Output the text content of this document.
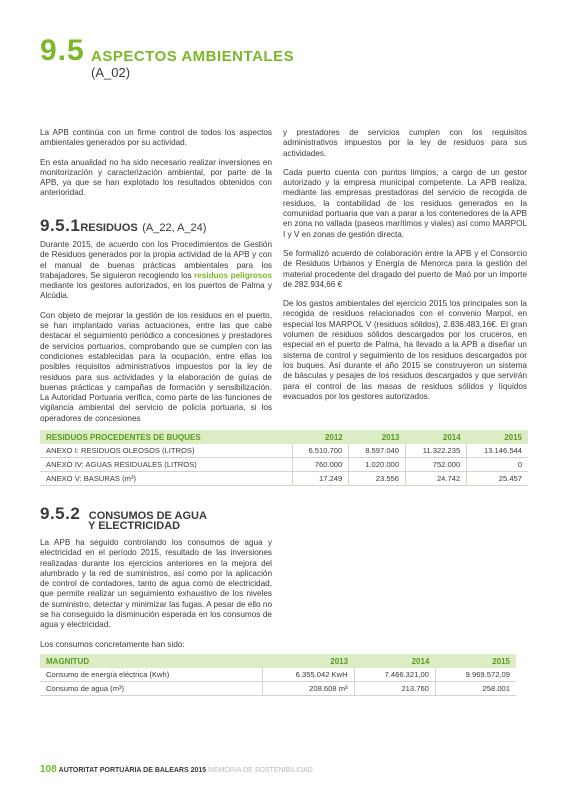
9.5 ASPECTOS AMBIENTALES
(A_02)

La APB continúa con un firme control de todos los aspectos ambientales generados por su actividad.

En esta anualidad no ha sido necesario realizar inversiones en monitorización y caracterización ambiental, por parte de la APB, ya que se han explotado los resultados obtenidos con anterioridad.

9.5.1RESIDUOS (A_22, A_24)

Durante 2015, de acuerdo con los Procedimientos de Gestión de Residuos generados por la propia actividad de la APB y con el manual de buenas prácticas ambientales para los trabajadores, Se siguieron recogiendo los residuos peligrosos mediante los gestores autorizados, en los puertos de Palma y Alcúdia.

Con objeto de mejorar la gestión de los residuos en el puerto, se han implantado varias actuaciones, entre las que cabe destacar el seguimiento periódico a concesiones y prestadores de servicios portuarios, comprobando que se cumplen con las condiciones establecidas para la ocupación, entre ellas los posibles requisitos administrativos impuestos por la ley de residuos para sus actividades y la elaboración de guías de buenas prácticas y campañas de formación y sensibilización. La Autoridad Portuaria verifica, como parte de las funciones de vigilancia ambiental del servicio de policía portuaria, si los operadores de concesiones

y prestadores de servicios cumplen con los requisitos administrativos impuestos por la ley de residuos para sus actividades.

Cada puerto cuenta con puntos limpios, a cargo de un gestor autorizado y la empresa municipal competente. La APB realiza, mediante las empresas prestadoras del servicio de recogida de residuos, la contabilidad de los residuos generados en la comunidad portuaria que van a parar a los contenedores de la APB en zona no vallada (paseos marítimos y viales) así como MARPOL I y V en zonas de gestión directa.

Se formalizó acuerdo de colaboración entre la APB y el Consorcio de Residuos Urbanos y Energía de Menorca para la gestión del material procedente del dragado del puerto de Maó por un importe de 282.934,66 €

De los gastos ambientales del ejercicio 2015 los principales son la recogida de residuos relacionados con el convenio Marpol, en especial los MARPOL V (residuos sólidos), 2.836.483,16€. El gran volumen de residuos sólidos descargados por los cruceros, en especial en el puerto de Palma, ha llevado a la APB a diseñar un sistema de control y seguimiento de los residuos descargados por los buques. Así durante el año 2015 se construyeron un sistema de básculas y pesajes de los residuos descargados y que servirán para el control de las masas de residuos sólidos y líquidos evacuados por los gestores autorizados.

RESIDUOS PROCEDENTES DE BUQUES	2012	2013	2014	2015
ANEXO I: RESIDUOS OLEOSOS (LITROS)	6.510.700	8.597.040	11.322.235	13.146.544
ANEXO IV: AGUAS RESIDUALES (LITROS)	760.000	1.020.000	752.000	0
ANEXO V: BASURAS (m³)	17.249	23.556	24.742	25.457
9.5.2 CONSUMOS DE AGUA
Y ELECTRICIDAD

La APB ha seguido controlando los consumos de agua y electricidad en el período 2015, resultado de las inversiones realizadas durante los ejercicios anteriores en la mejora del alumbrado y la red de suministros, así como por la aplicación de control de contadores, tanto de agua como de electricidad, que permite realizar un seguimiento exhaustivo de los niveles de suministro, detectar y minimizar las fugas. A pesar de ello no se ha conseguido la disminución esperada en los consumos de agua y electricidad.

Los consumos concretamente han sido:

MAGNITUD	2013	2014	2015
Consumo de energía eléctrica (Kwh)	6.355.042 KwH	7.466.321,00	9.969.572,09
Consumo de agua (m³)	208.608 m³	213.760	258.001
108 AUTORITAT PORTUÀRIA DE BALEARS 2015 MEMORIA DE SOSTENIBILIDAD
